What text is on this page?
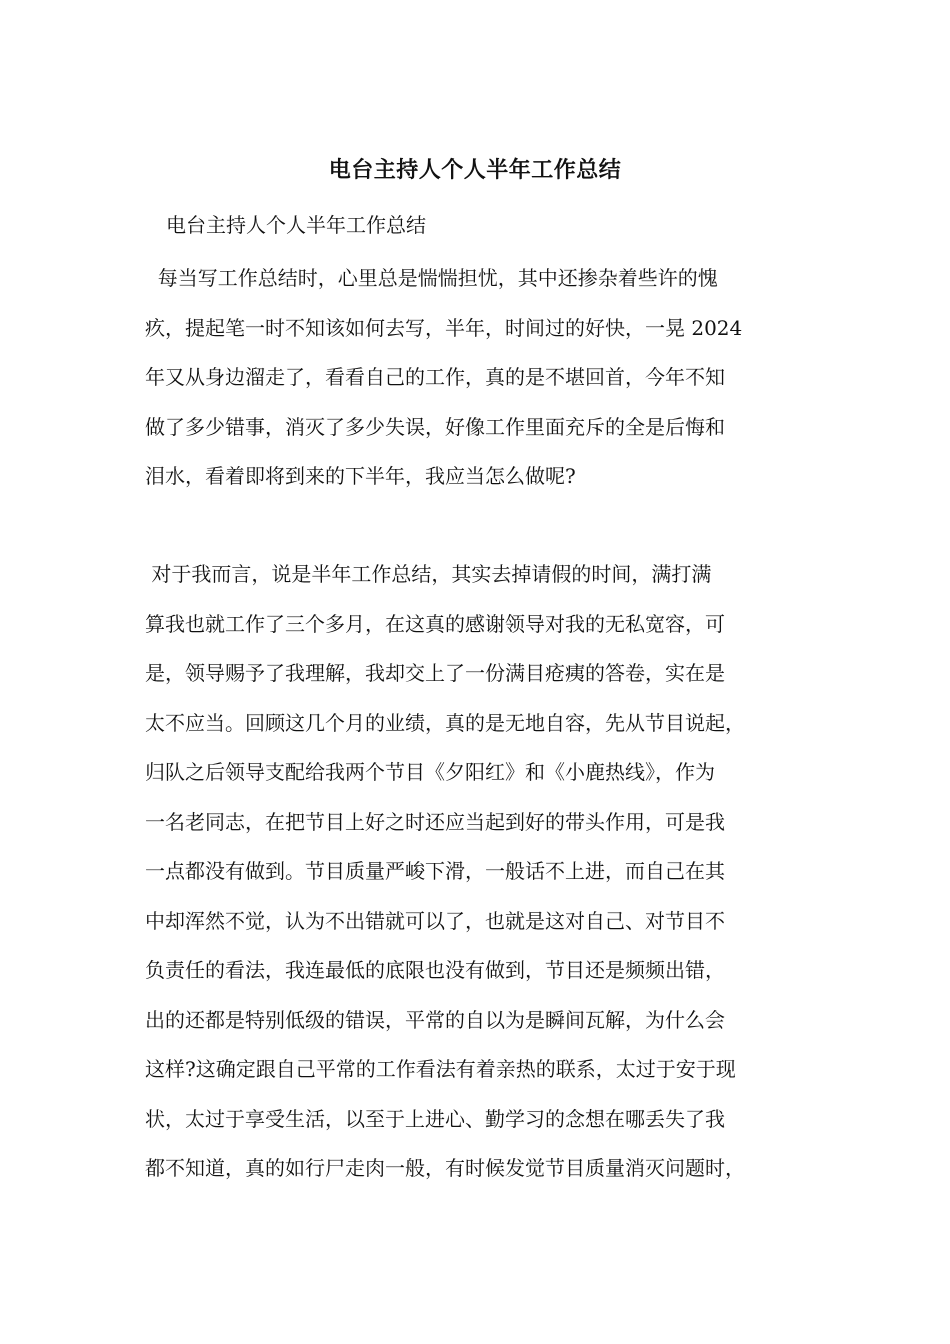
电台主持人个人半年工作总结

电台主持人个人半年工作总结

每当写工作总结时，心里总是惴惴担忧，其中还掺杂着些许的愧
疚，提起笔一时不知该如何去写，半年，时间过的好快，一晃 2024
年又从身边溜走了，看看自己的工作，真的是不堪回首，今年不知
做了多少错事，消灭了多少失误，好像工作里面充斥的全是后悔和
泪水，看着即将到来的下半年，我应当怎么做呢?
对于我而言，说是半年工作总结，其实去掉请假的时间，满打满
算我也就工作了三个多月，在这真的感谢领导对我的无私宽容，可
是，领导赐予了我理解，我却交上了一份满目疮痍的答卷，实在是
太不应当。回顾这几个月的业绩，真的是无地自容，先从节目说起，
归队之后领导支配给我两个节目《夕阳红》和《小鹿热线》，作为
一名老同志，在把节目上好之时还应当起到好的带头作用，可是我
一点都没有做到。节目质量严峻下滑，一般话不上进，而自己在其
中却浑然不觉，认为不出错就可以了，也就是这对自己、对节目不
负责任的看法，我连最低的底限也没有做到，节目还是频频出错，
出的还都是特别低级的错误，平常的自以为是瞬间瓦解，为什么会
这样?这确定跟自己平常的工作看法有着亲热的联系，太过于安于现
状，太过于享受生活，以至于上进心、勤学习的念想在哪丢失了我
都不知道，真的如行尸走肉一般，有时候发觉节目质量消灭问题时，
